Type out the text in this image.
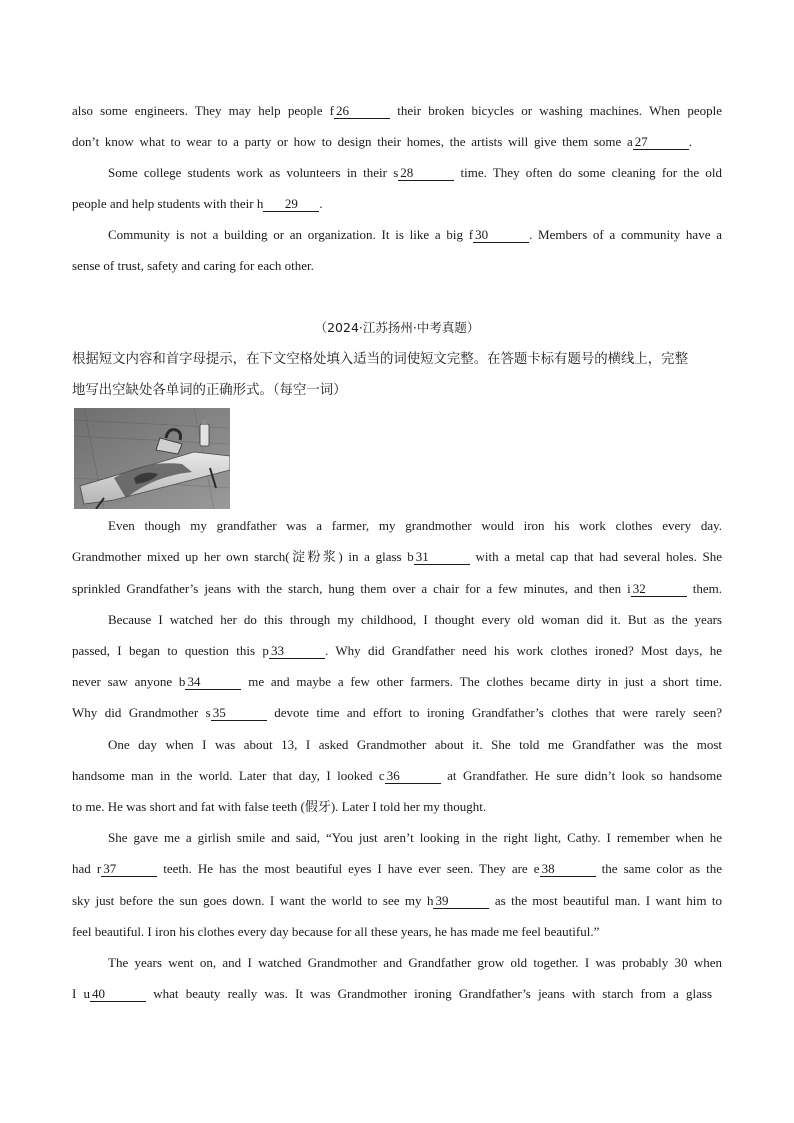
also some engineers. They may help people f 26	their broken bicycles or washing machines. When people
don’t know what to wear to a party or how to design their homes, the artists will give them some a 27	.
Some college students work as volunteers in their s 28	time. They often do some cleaning for the old
people and help students with their h 29 .
Community is not a building or an organization. It is like a big f 30	. Members of a community have a
sense of trust, safety and caring for each other.
（2024·江苏扬州·中考真题）
根据短文内容和首字母提示，在下文空格处填入适当的词使短文完整。在答题卡标有题号的横线上，完整
地写出空缺处各单词的正确形式。（每空一词）
Even though my grandfather was a farmer, my grandmother would iron his work clothes every day.
Grandmother mixed up her own starch(淀粉浆) in a glass b 31	with a metal cap that had several holes. She
sprinkled Grandfather’s jeans with the starch, hung them over a chair for a few minutes, and then i 32	them.
Because I watched her do this through my childhood, I thought every old woman did it. But as the years
passed, I began to question this p 33	. Why did Grandfather need his work clothes ironed? Most days, he
never saw anyone b 34	me and maybe a few other farmers. The clothes became dirty in just a short time.
Why did Grandmother s 35	devote time and effort to ironing Grandfather’s clothes that were rarely seen?
One day when I was about 13, I asked Grandmother about it. She told me Grandfather was the most
handsome man in the world. Later that day, I looked c 36	at Grandfather. He sure didn’t look so handsome
to me. He was short and fat with false teeth (假牙). Later I told her my thought.
She gave me a girlish smile and said, “You just aren’t looking in the right light, Cathy. I remember when he
had r 37	teeth. He has the most beautiful eyes I have ever seen. They are e 38	the same color as the
sky just before the sun goes down. I want the world to see my h 39	as the most beautiful man. I want him to
feel beautiful. I iron his clothes every day because for all these years, he has made me feel beautiful.”
The years went on, and I watched Grandmother and Grandfather grow old together. I was probably 30 when
I u 40	what beauty really was. It was Grandmother ironing Grandfather’s jeans with starch from a glass
